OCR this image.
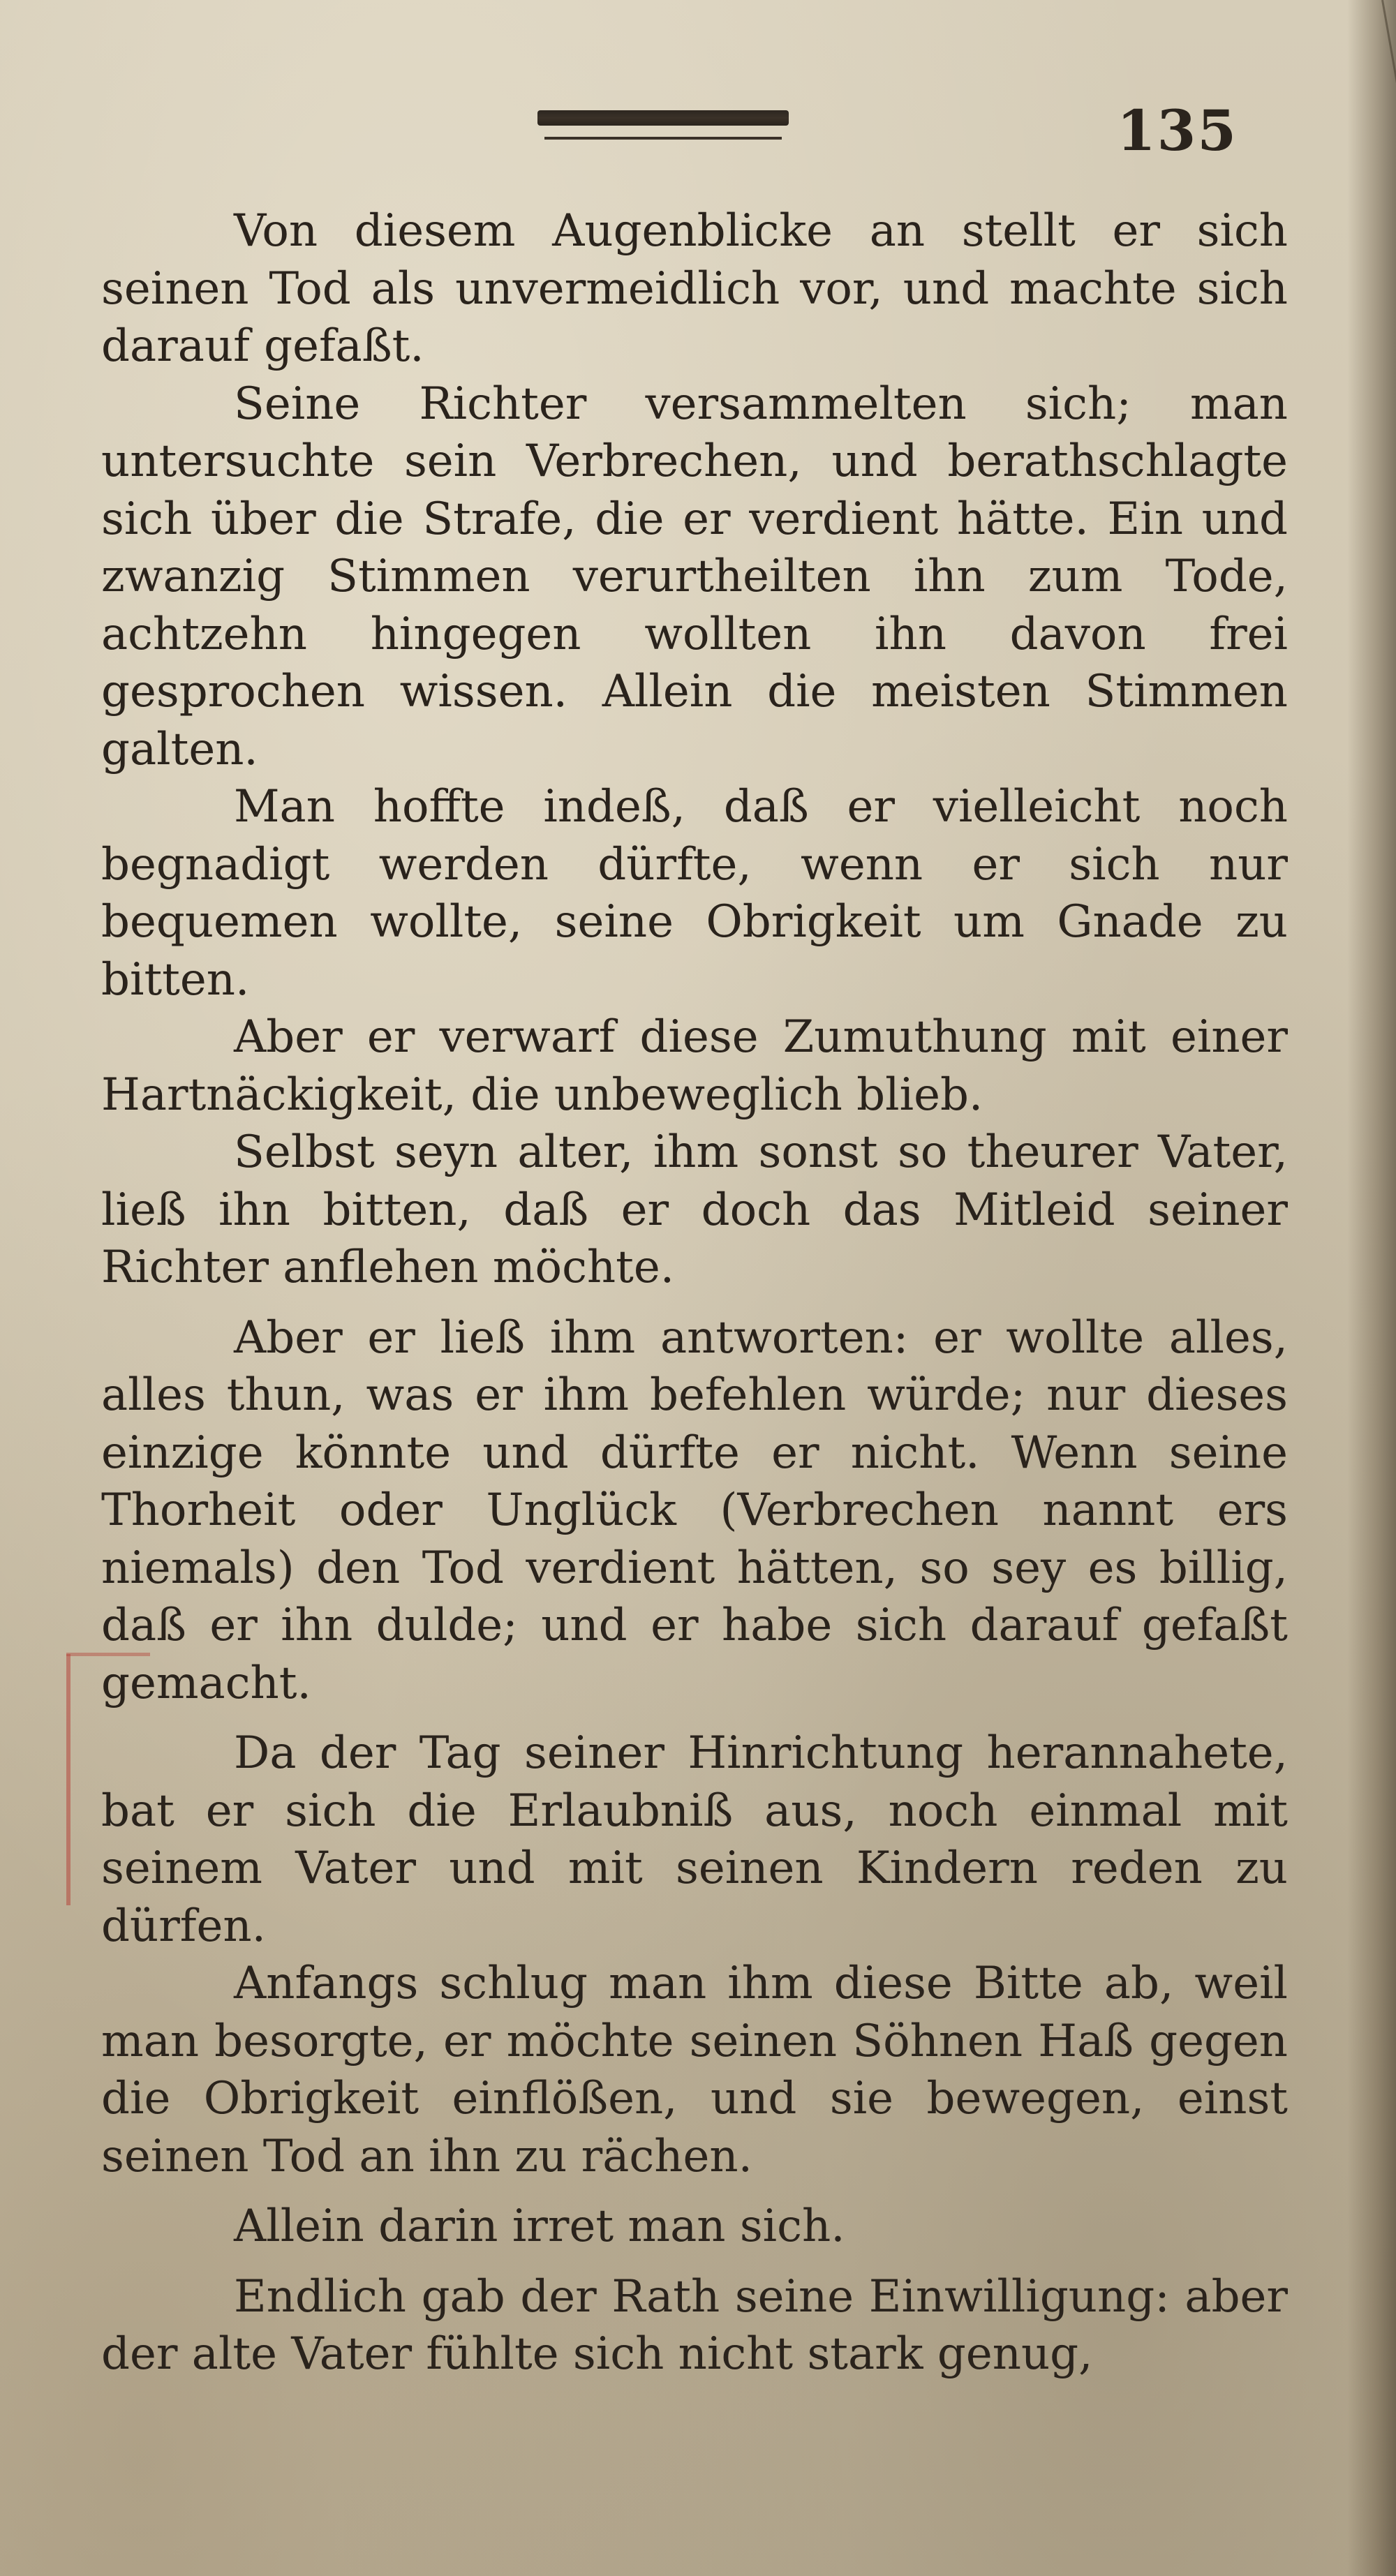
135

Von diesem Augenblicke an stellt er sich seinen Tod als unvermeidlich vor, und machte sich darauf gefaßt.

Seine Richter versammelten sich; man untersuchte sein Verbrechen, und berathschlagte sich über die Strafe, die er verdient hätte. Ein und zwanzig Stimmen verurtheilten ihn zum Tode, achtzehn hingegen wollten ihn davon frei gesprochen wissen. Allein die meisten Stimmen galten.

Man hoffte indeß, daß er vielleicht noch begnadigt werden dürfte, wenn er sich nur bequemen wollte, seine Obrigkeit um Gnade zu bitten.

Aber er verwarf diese Zumuthung mit einer Hartnäckigkeit, die unbeweglich blieb.

Selbst seyn alter, ihm sonst so theurer Vater, ließ ihn bitten, daß er doch das Mitleid seiner Richter anflehen möchte.

Aber er ließ ihm antworten: er wollte alles, alles thun, was er ihm befehlen würde; nur dieses einzige könnte und dürfte er nicht. Wenn seine Thorheit oder Unglück (Verbrechen nannt ers niemals) den Tod verdient hätten, so sey es billig, daß er ihn dulde; und er habe sich darauf gefaßt gemacht.

Da der Tag seiner Hinrichtung herannahete, bat er sich die Erlaubniß aus, noch einmal mit seinem Vater und mit seinen Kindern reden zu dürfen.

Anfangs schlug man ihm diese Bitte ab, weil man besorgte, er möchte seinen Söhnen Haß gegen die Obrigkeit einflößen, und sie bewegen, einst seinen Tod an ihn zu rächen.

Allein darin irret man sich.

Endlich gab der Rath seine Einwilligung: aber der alte Vater fühlte sich nicht stark genug,
